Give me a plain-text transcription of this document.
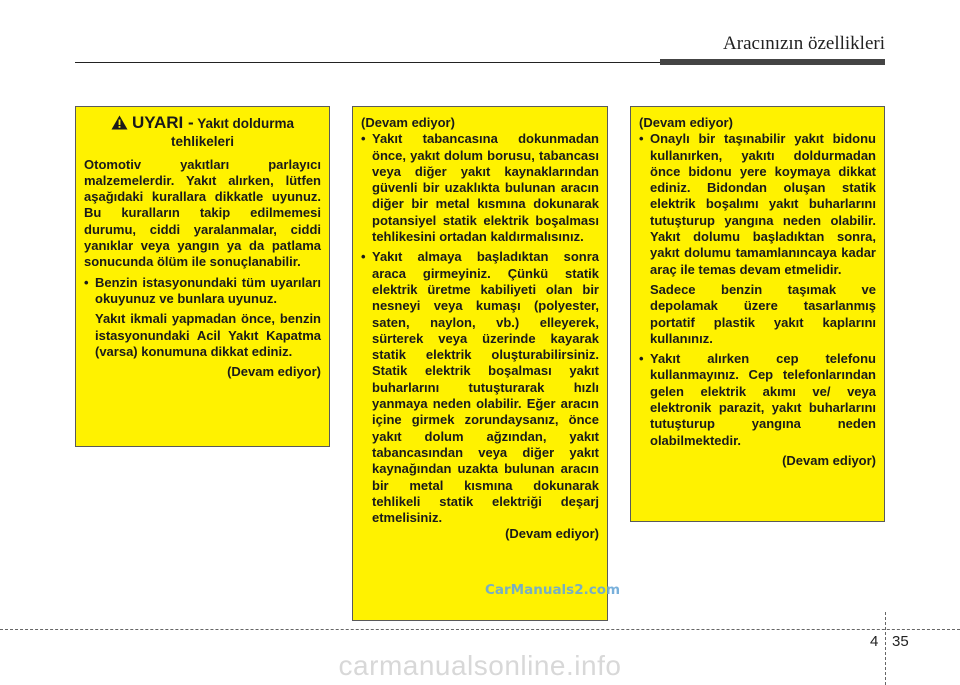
Aracınızın özellikleri
UYARI - Yakıt doldurma
tehlikeleri

Otomotiv yakıtları parlayıcı malzemelerdir. Yakıt alırken, lütfen aşağıdaki kurallara dikkatle uyunuz. Bu kuralların takip edilmemesi durumu, ciddi yaralanmalar, ciddi yanıklar veya yangın ya da patlama sonucunda ölüm ile sonuçlanabilir.

• Benzin istasyonundaki tüm uyarıları okuyunuz ve bunlara uyunuz.

Yakıt ikmali yapmadan önce, benzin istasyonundaki Acil Yakıt Kapatma (varsa) konumuna dikkat ediniz.

(Devam ediyor)

(Devam ediyor)

• Yakıt tabancasına dokunmadan önce, yakıt dolum borusu, tabancası veya diğer yakıt kaynaklarından güvenli bir uzaklıkta bulunan aracın diğer bir metal kısmına dokunarak potansiyel statik elektrik boşalması tehlikesini ortadan kaldırmalısınız.

• Yakıt almaya başladıktan sonra araca girmeyiniz. Çünkü statik elektrik üretme kabiliyeti olan bir nesneyi veya kumaşı (polyester, saten, naylon, vb.) elleyerek, sürterek veya üzerinde kayarak statik elektrik oluşturabilirsiniz. Statik elektrik boşalması yakıt buharlarını tutuşturarak hızlı yanmaya neden olabilir. Eğer aracın içine girmek zorundaysanız, önce yakıt dolum ağzından, yakıt tabancasından veya diğer yakıt kaynağından uzakta bulunan aracın bir metal kısmına dokunarak tehlikeli statik elektriği deşarj etmelisiniz.

(Devam ediyor)

(Devam ediyor)

• Onaylı bir taşınabilir yakıt bidonu kullanırken, yakıtı doldurmadan önce bidonu yere koymaya dikkat ediniz. Bidondan oluşan statik elektrik boşalımı yakıt buharlarını tutuşturup yangına neden olabilir. Yakıt dolumu başladıktan sonra, yakıt dolumu tamamlanıncaya kadar araç ile temas devam etmelidir.

Sadece benzin taşımak ve depolamak üzere tasarlanmış portatif plastik yakıt kaplarını kullanınız.

• Yakıt alırken cep telefonu kullanmayınız. Cep telefonlarından gelen elektrik akımı ve/ veya elektronik parazit, yakıt buharlarını tutuşturup yangına neden olabilmektedir.

(Devam ediyor)

CarManuals2.com
4 35
carmanualsonline.info
